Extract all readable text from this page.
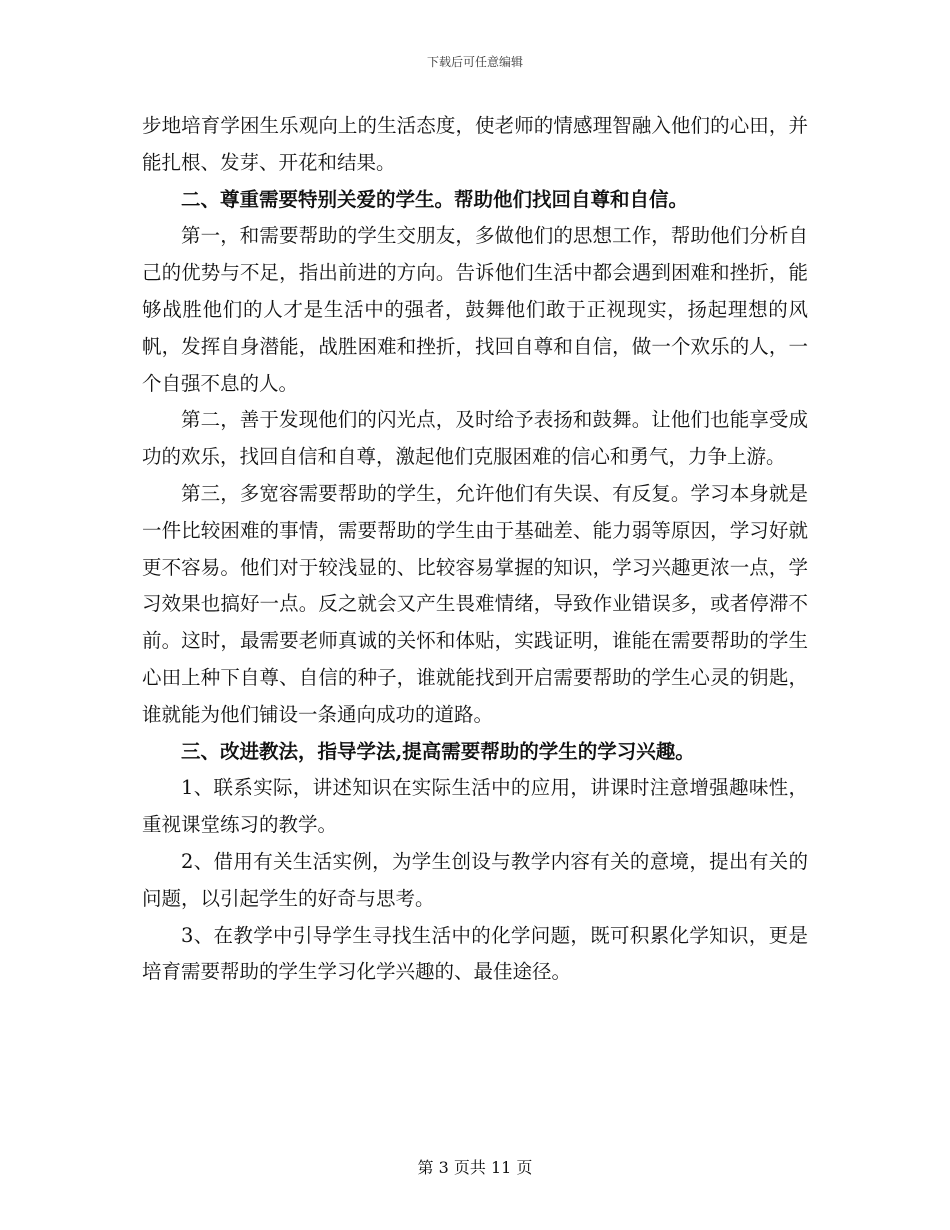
下载后可任意编辑

步地培育学困生乐观向上的生活态度，使老师的情感理智融入他们的心田，并能扎根、发芽、开花和结果。

二、尊重需要特别关爱的学生。帮助他们找回自尊和自信。

第一，和需要帮助的学生交朋友，多做他们的思想工作，帮助他们分析自己的优势与不足，指出前进的方向。告诉他们生活中都会遇到困难和挫折，能够战胜他们的人才是生活中的强者，鼓舞他们敢于正视现实，扬起理想的风帆，发挥自身潜能，战胜困难和挫折，找回自尊和自信，做一个欢乐的人，一个自强不息的人。

第二，善于发现他们的闪光点，及时给予表扬和鼓舞。让他们也能享受成功的欢乐，找回自信和自尊，激起他们克服困难的信心和勇气，力争上游。

第三，多宽容需要帮助的学生，允许他们有失误、有反复。学习本身就是一件比较困难的事情，需要帮助的学生由于基础差、能力弱等原因，学习好就更不容易。他们对于较浅显的、比较容易掌握的知识，学习兴趣更浓一点，学习效果也搞好一点。反之就会又产生畏难情绪，导致作业错误多，或者停滞不前。这时，最需要老师真诚的关怀和体贴，实践证明，谁能在需要帮助的学生心田上种下自尊、自信的种子，谁就能找到开启需要帮助的学生心灵的钥匙，谁就能为他们铺设一条通向成功的道路。

三、改进教法，指导学法,提高需要帮助的学生的学习兴趣。

1、联系实际，讲述知识在实际生活中的应用，讲课时注意增强趣味性，重视课堂练习的教学。

2、借用有关生活实例，为学生创设与教学内容有关的意境，提出有关的问题，以引起学生的好奇与思考。

3、在教学中引导学生寻找生活中的化学问题，既可积累化学知识，更是培育需要帮助的学生学习化学兴趣的、最佳途径。

第 3 页共 11 页
